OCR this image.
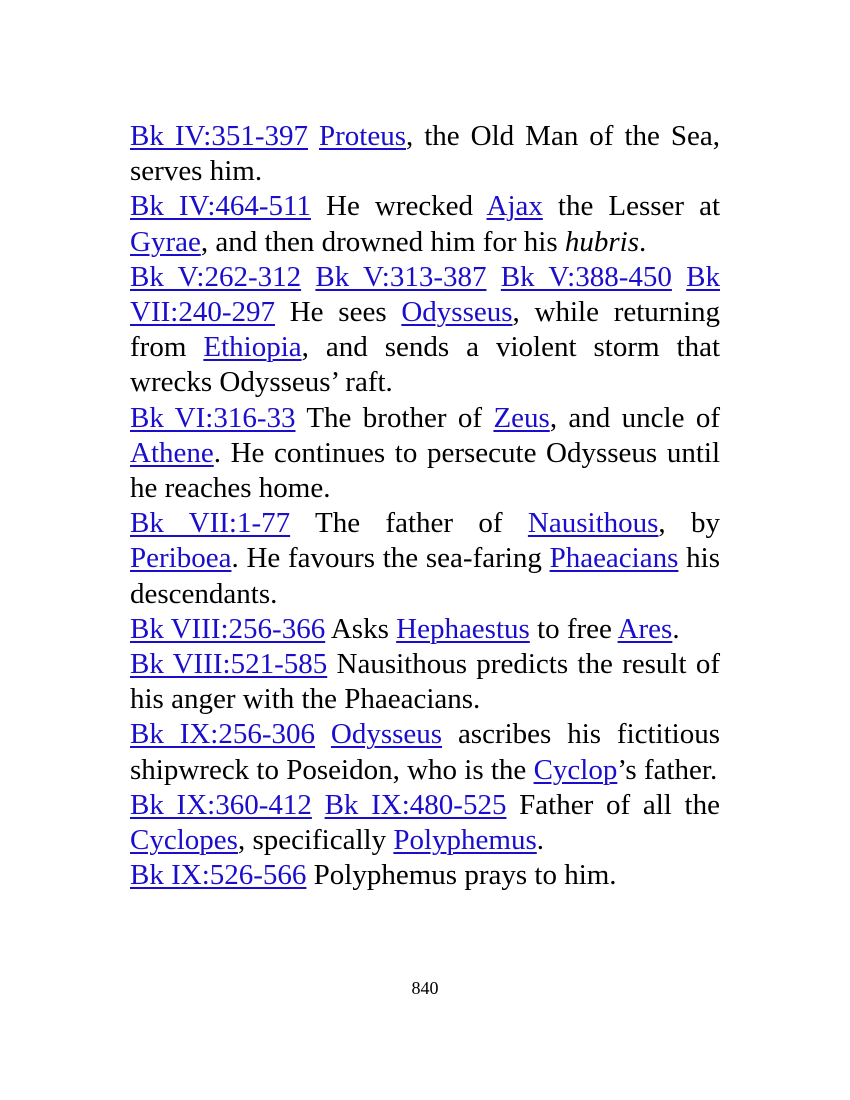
Bk IV:351-397 Proteus, the Old Man of the Sea, serves him.

Bk IV:464-511 He wrecked Ajax the Lesser at Gyrae, and then drowned him for his hubris.

Bk V:262-312 Bk V:313-387 Bk V:388-450 Bk VII:240-297 He sees Odysseus, while returning from Ethiopia, and sends a violent storm that wrecks Odysseus’ raft.

Bk VI:316-33 The brother of Zeus, and uncle of Athene. He continues to persecute Odysseus until he reaches home.

Bk VII:1-77 The father of Nausithous, by Periboea. He favours the sea-faring Phaeacians his descendants.

Bk VIII:256-366 Asks Hephaestus to free Ares.

Bk VIII:521-585 Nausithous predicts the result of his anger with the Phaeacians.

Bk IX:256-306 Odysseus ascribes his fictitious shipwreck to Poseidon, who is the Cyclop’s father.

Bk IX:360-412 Bk IX:480-525 Father of all the Cyclopes, specifically Polyphemus.

Bk IX:526-566 Polyphemus prays to him.

840
